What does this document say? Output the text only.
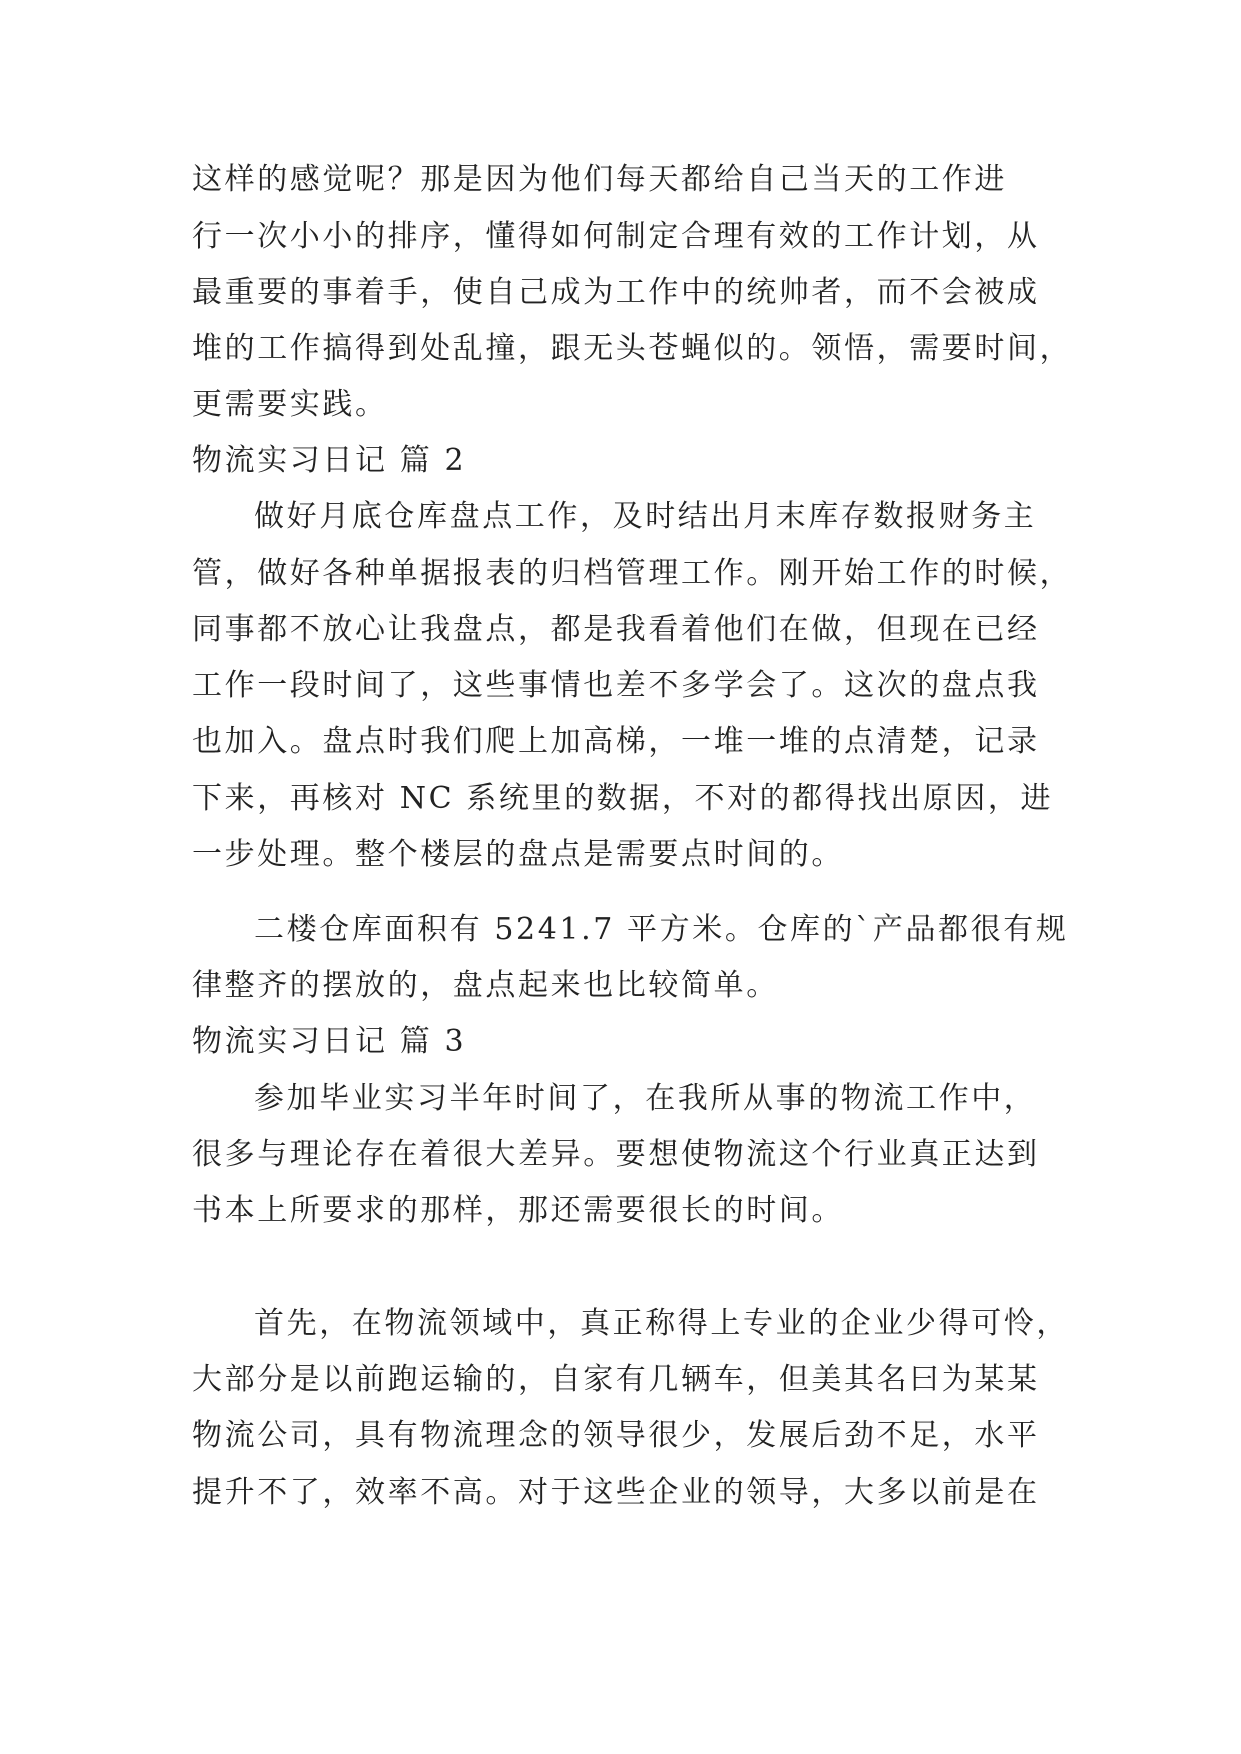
这样的感觉呢？那是因为他们每天都给自己当天的工作进
行一次小小的排序，懂得如何制定合理有效的工作计划，从
最重要的事着手，使自己成为工作中的统帅者，而不会被成
堆的工作搞得到处乱撞，跟无头苍蝇似的。领悟，需要时间，
更需要实践。
物流实习日记 篇 2
做好月底仓库盘点工作，及时结出月末库存数报财务主
管，做好各种单据报表的归档管理工作。刚开始工作的时候，
同事都不放心让我盘点，都是我看着他们在做，但现在已经
工作一段时间了，这些事情也差不多学会了。这次的盘点我
也加入。盘点时我们爬上加高梯，一堆一堆的点清楚，记录
下来，再核对 NC 系统里的数据，不对的都得找出原因，进
一步处理。整个楼层的盘点是需要点时间的。
二楼仓库面积有 5241.7 平方米。仓库的`产品都很有规
律整齐的摆放的，盘点起来也比较简单。
物流实习日记 篇 3
参加毕业实习半年时间了，在我所从事的物流工作中，
很多与理论存在着很大差异。要想使物流这个行业真正达到
书本上所要求的那样，那还需要很长的时间。
首先，在物流领域中，真正称得上专业的企业少得可怜，
大部分是以前跑运输的，自家有几辆车，但美其名曰为某某
物流公司，具有物流理念的领导很少，发展后劲不足，水平
提升不了，效率不高。对于这些企业的领导，大多以前是在
